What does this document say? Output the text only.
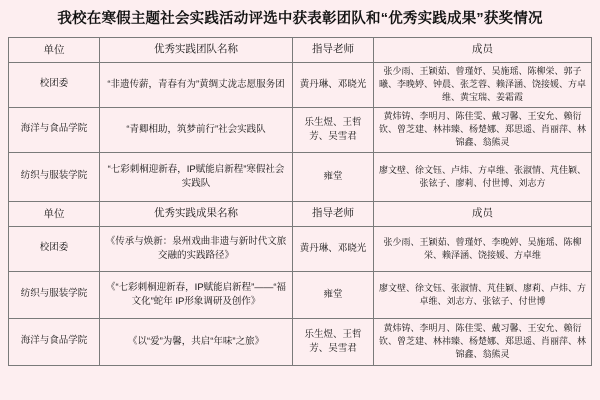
我校在寒假主题社会实践活动评选中获表彰团队和“优秀实践成果”获奖情况
单位	优秀实践团队名称	指导老师	成员
校团委	“非遗传薪，青春有为”黄绸丈泷志愿服务团	黄丹琳、邓晓光	张少雨、王颖茹、曾瑾妤、吴施瑶、陈柳栄、郭子曦、李晚婷、钟晨、张芝蓉、赖泽涵、饶接媛、方卓维、黄宝瑞、姜霜霞
海洋与食品学院	“青卿相助，筑梦前行”社会实践队	乐生煜、王哲芳、吴雪君	黄炜铸、李明月、陈佳雯、戴习馨、王安允、赖衍钦、曾芝建、林祎臻、杨楚娜、郑思遥、肖丽萍、林锦鑫、翁熊灵
纺织与服装学院	“七彩刺桐迎新春，IP赋能启新程”寒假社会实践队	雍堂	廖文壁、徐文钰、卢炜、方卓维、张淑情、芃佳颖、张铉子、廖莉、付世博、刘志方
单位	优秀实践成果名称	指导老师	成员
校团委	《传承与焕新：泉州戏曲非遗与新时代文旅交融的实践路径》	黄丹琳、邓晓光	张少雨、王颖茹、曾瑾妤、李晚婷、吴施瑶、陈柳栄、赖泽涵、饶接媛、方卓维
纺织与服装学院	《“七彩刺桐迎新春，IP赋能启新程”——“福文化”蛇年 IP形象调研及创作》	雍堂	廖文壁、徐文钰、张淑情、芃佳颖、廖莉、卢炜、方卓维、刘志方、张铉子、付世博
海洋与食品学院	《以“爱”为馨，共启“年味”之旅》	乐生煜、王哲芳、吴雪君	黄炜铸、李明月、陈佳雯、戴习馨、王安允、赖衍钦、曾芝建、林祎臻、杨楚娜、郑思遥、肖丽萍、林锦鑫、翁熊灵
